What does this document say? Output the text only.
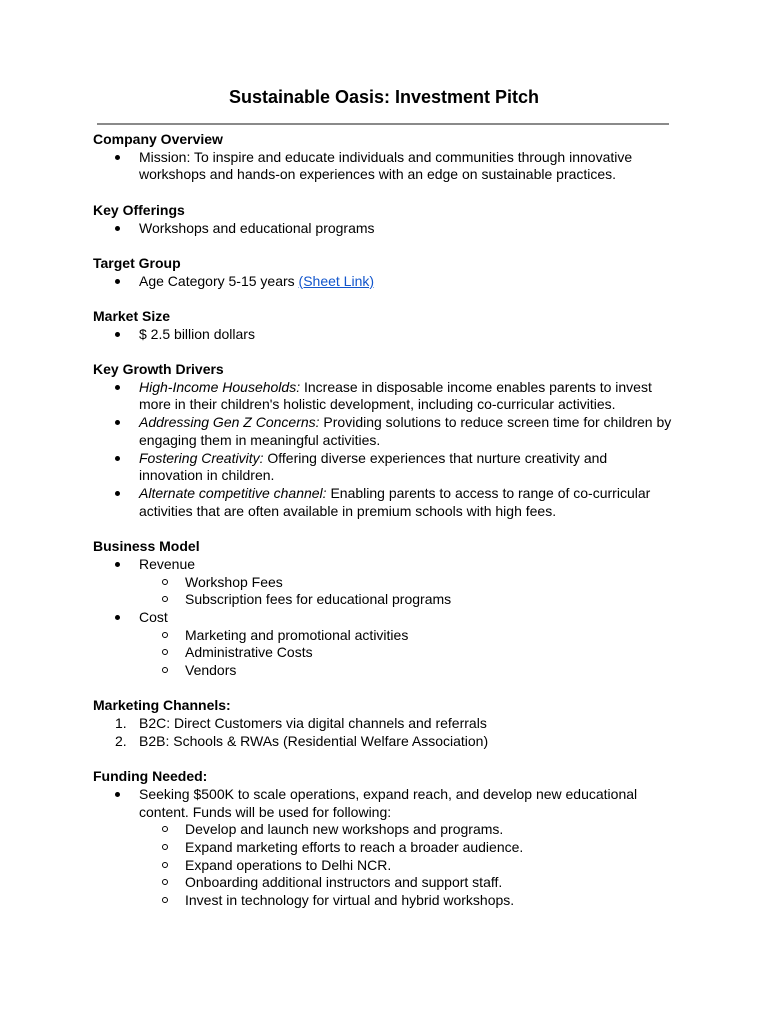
Sustainable Oasis: Investment Pitch
Company Overview
Mission: To inspire and educate individuals and communities through innovative workshops and hands-on experiences with an edge on sustainable practices.
Key Offerings
Workshops and educational programs
Target Group
Age Category 5-15 years (Sheet Link)
Market Size
$ 2.5 billion dollars
Key Growth Drivers
High-Income Households: Increase in disposable income enables parents to invest more in their children's holistic development, including co-curricular activities.
Addressing Gen Z Concerns: Providing solutions to reduce screen time for children by engaging them in meaningful activities.
Fostering Creativity: Offering diverse experiences that nurture creativity and innovation in children.
Alternate competitive channel: Enabling parents to access to range of co-curricular activities that are often available in premium schools with high fees.
Business Model
Revenue
Workshop Fees
Subscription fees for educational programs
Cost
Marketing and promotional activities
Administrative Costs
Vendors
Marketing Channels:
1. B2C: Direct Customers via digital channels and referrals
2. B2B: Schools & RWAs (Residential Welfare Association)
Funding Needed:
Seeking $500K to scale operations, expand reach, and develop new educational content. Funds will be used for following:
Develop and launch new workshops and programs.
Expand marketing efforts to reach a broader audience.
Expand operations to Delhi NCR.
Onboarding additional instructors and support staff.
Invest in technology for virtual and hybrid workshops.
